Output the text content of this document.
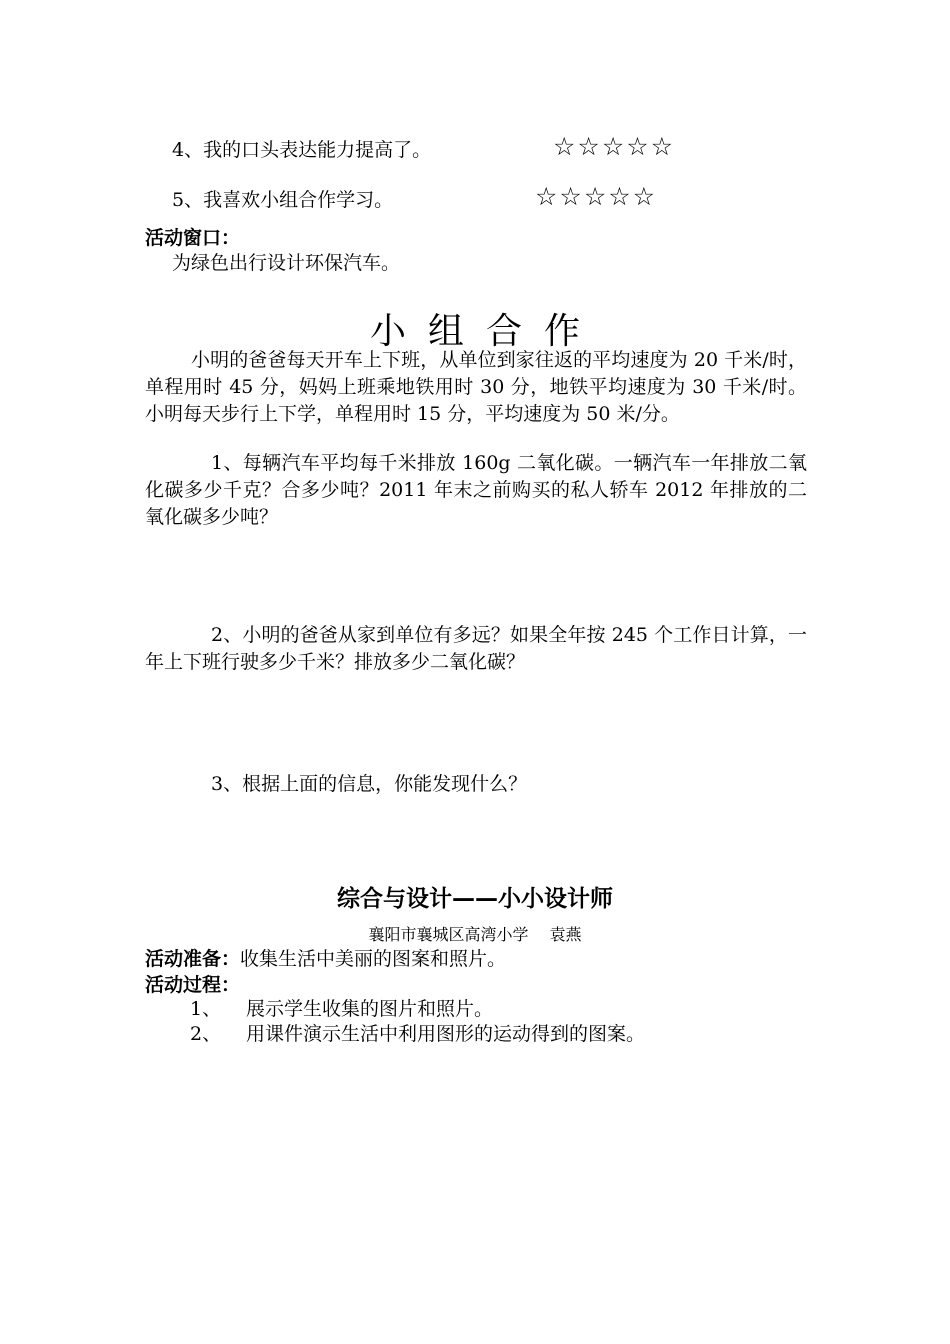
4、我的口头表达能力提高了。	☆☆☆☆☆
5、我喜欢小组合作学习。	☆☆☆☆☆
活动窗口：
为绿色出行设计环保汽车。
小组合作
小明的爸爸每天开车上下班，从单位到家往返的平均速度为 20 千米/时，单程用时 45 分，妈妈上班乘地铁用时 30 分，地铁平均速度为 30 千米/时。小明每天步行上下学，单程用时 15 分，平均速度为 50 米/分。
1、每辆汽车平均每千米排放 160g 二氧化碳。一辆汽车一年排放二氧化碳多少千克？合多少吨？2011 年末之前购买的私人轿车 2012 年排放的二氧化碳多少吨？
2、小明的爸爸从家到单位有多远？如果全年按 245 个工作日计算，一年上下班行驶多少千米？排放多少二氧化碳？
3、根据上面的信息，你能发现什么？
综合与设计——小小设计师
襄阳市襄城区高湾小学　 袁燕
活动准备：收集生活中美丽的图案和照片。
活动过程：
1、 展示学生收集的图片和照片。
2、 用课件演示生活中利用图形的运动得到的图案。
